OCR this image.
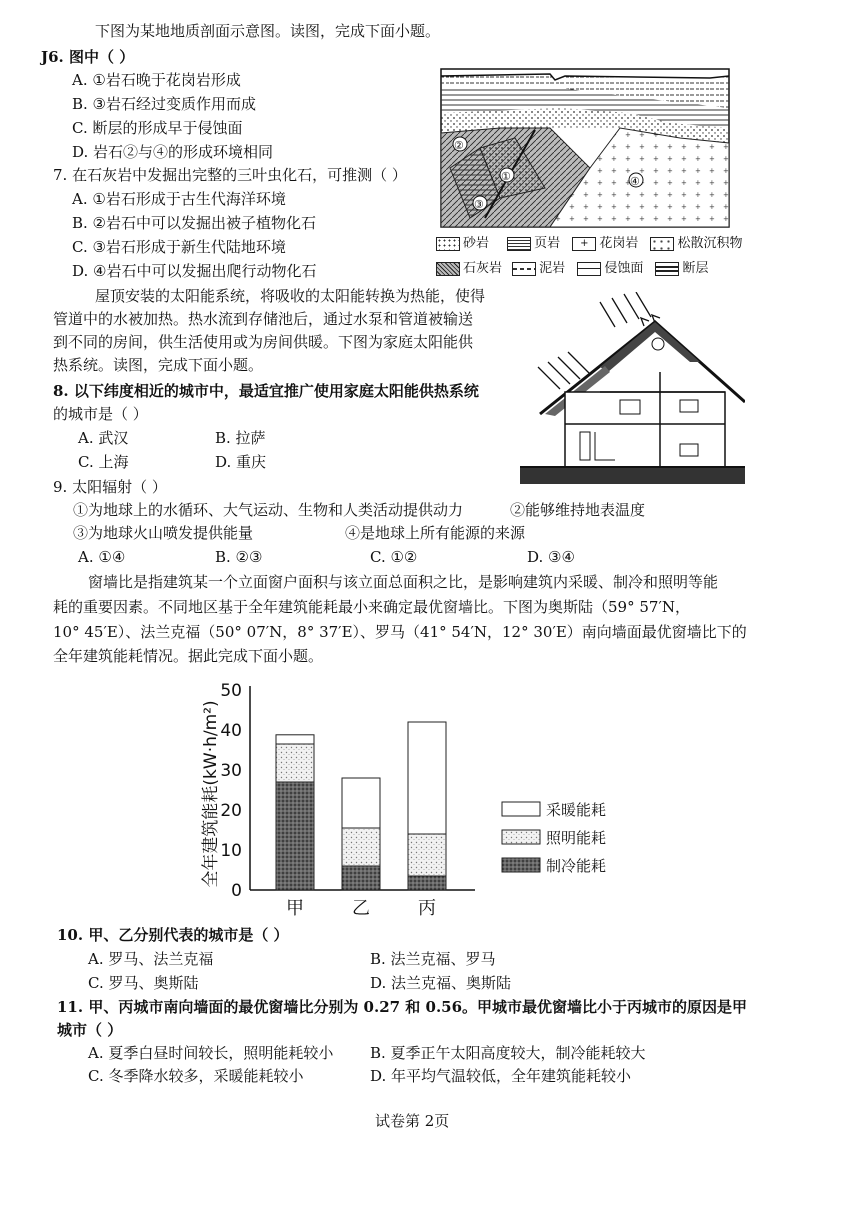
下图为某地地质剖面示意图。读图，完成下面小题。
J6. 图中（ ）
A. ①岩石晚于花岗岩形成
B. ③岩石经过变质作用而成
C. 断层的形成早于侵蚀面
D. 岩石②与④的形成环境相同
7. 在石灰岩中发掘出完整的三叶虫化石，可推测（ ）
A. ①岩石形成于古生代海洋环境
B. ②岩石中可以发掘出被子植物化石
C. ③岩石形成于新生代陆地环境
D. ④岩石中可以发掘出爬行动物化石
②
①
③
④
砂岩	页岩 + 花岗岩	松散沉积物
石灰岩	泥岩	侵蚀面	断层
屋顶安装的太阳能系统，将吸收的太阳能转换为热能，使得
管道中的水被加热。热水流到存储池后，通过水泵和管道被输送
到不同的房间，供生活使用或为房间供暖。下图为家庭太阳能供
热系统。读图，完成下面小题。
8. 以下纬度相近的城市中，最适宜推广使用家庭太阳能供热系统
的城市是（ ）
A. 武汉	B. 拉萨
C. 上海	D. 重庆
9. 太阳辐射（ ）
①为地球上的水循环、大气运动、生物和人类活动提供动力	②能够维持地表温度
③为地球火山喷发提供能量	④是地球上所有能源的来源
A. ①④	B. ②③	C. ①②	D. ③④
窗墙比是指建筑某一个立面窗户面积与该立面总面积之比，是影响建筑内采暖、制冷和照明等能
耗的重要因素。不同地区基于全年建筑能耗最小来确定最优窗墙比。下图为奥斯陆（59° 57′N，
10° 45′E）、法兰克福（50° 07′N，8° 37′E）、罗马（41° 54′N，12° 30′E）南向墙面最优窗墙比下的
全年建筑能耗情况。据此完成下面小题。
全年建筑能耗(kW·h/m²)
0
10
20
30
40
50
甲	乙	丙
采暖能耗
照明能耗
制冷能耗
10. 甲、乙分别代表的城市是（ ）
A. 罗马、法兰克福	B. 法兰克福、罗马
C. 罗马、奥斯陆	D. 法兰克福、奥斯陆
11. 甲、丙城市南向墙面的最优窗墙比分别为 0.27 和 0.56。甲城市最优窗墙比小于丙城市的原因是甲
城市（ ）
A. 夏季白昼时间较长，照明能耗较小 B. 夏季正午太阳高度较大，制冷能耗较大
C. 冬季降水较多，采暖能耗较小	D. 年平均气温较低，全年建筑能耗较小
试卷第 2页
